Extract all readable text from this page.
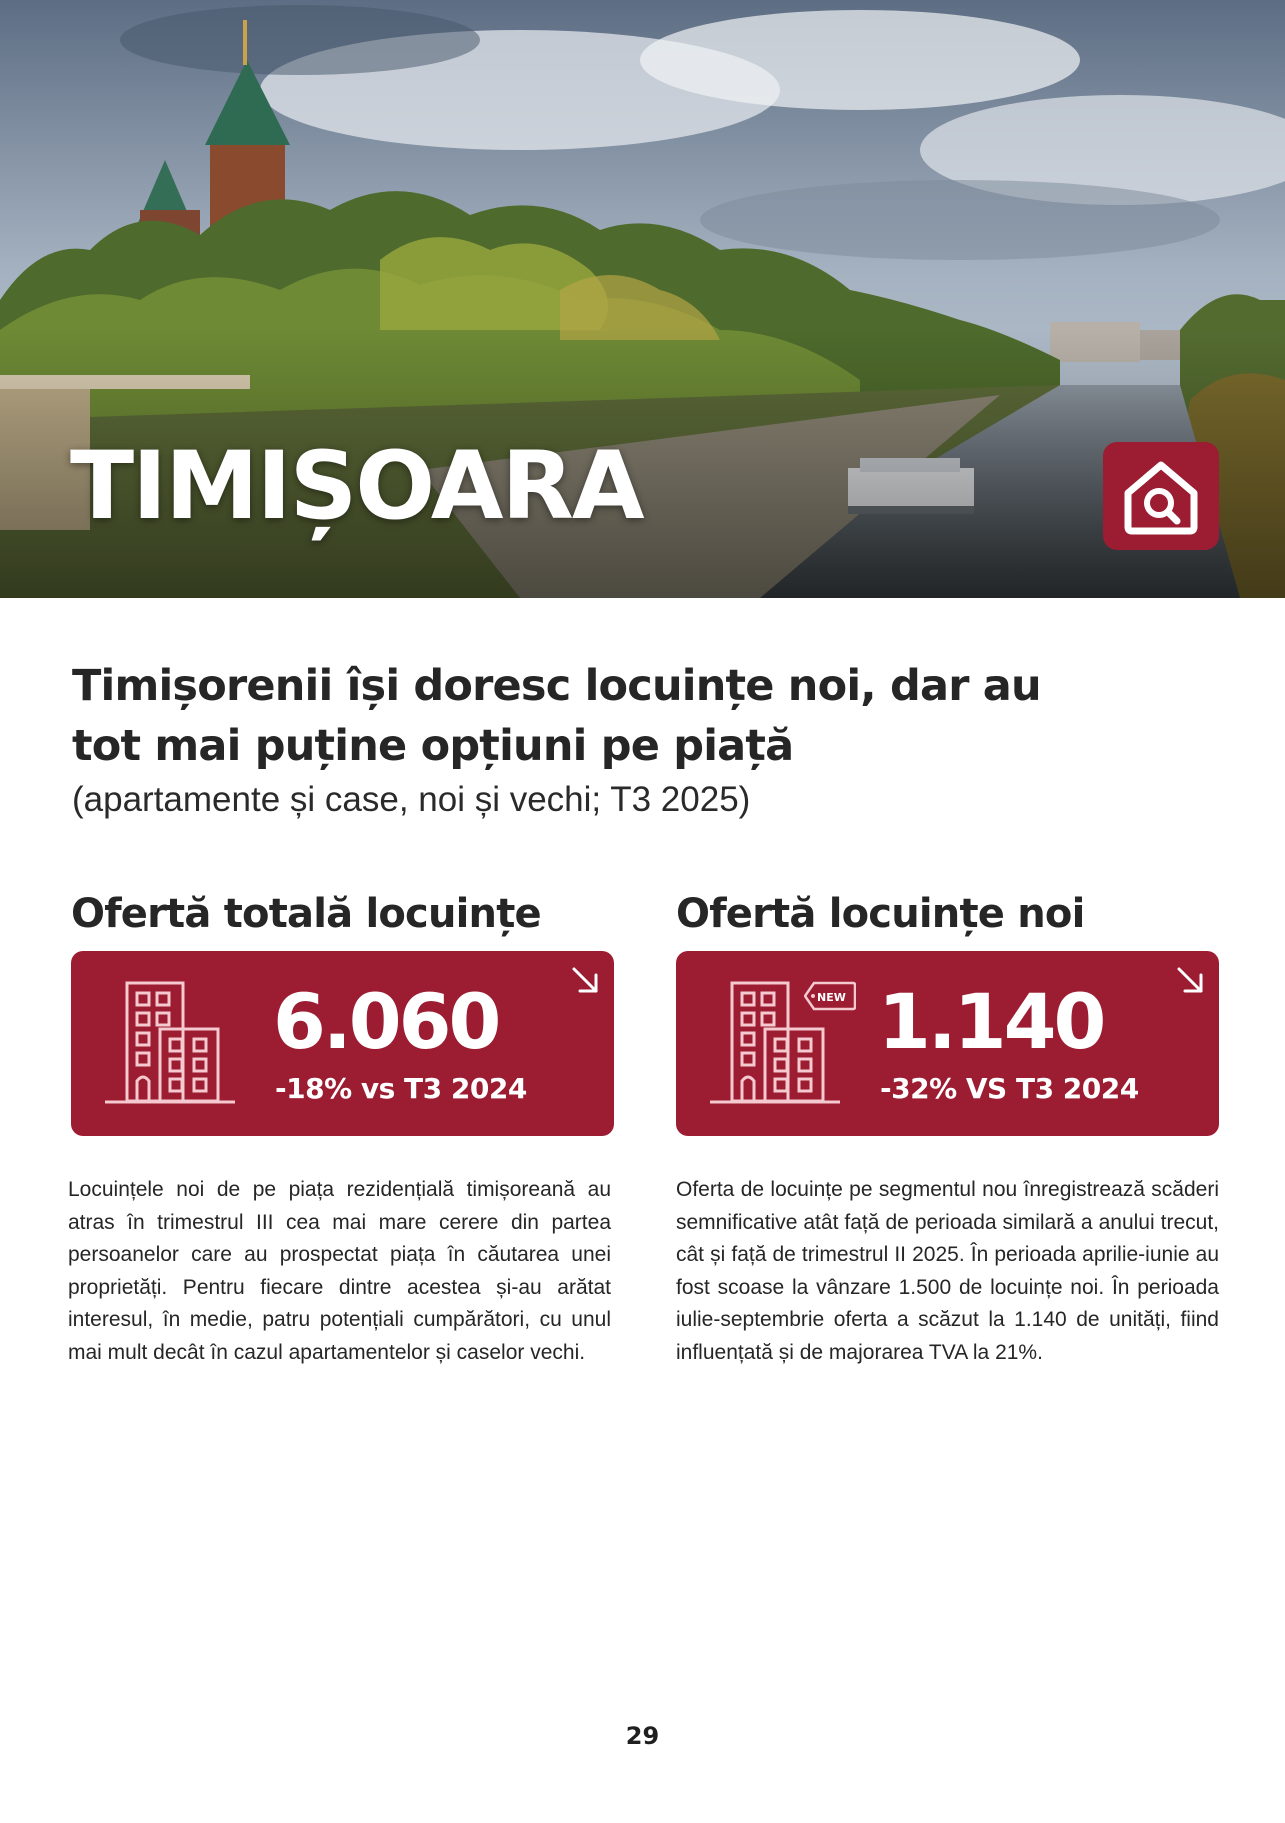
TIMIȘOARA
Timișorenii își doresc locuințe noi, dar au
tot mai puține opțiuni pe piață

(apartamente și case, noi și vechi; T3 2025)

Ofertă totală locuințe
6.060
-18% vs T3 2024

Locuințele noi de pe piața rezidențială timișoreană au atras în trimestrul III cea mai mare cerere din partea persoanelor care au prospectat piața în căutarea unei proprietăți. Pentru fiecare dintre acestea și-au arătat interesul, în medie, patru potențiali cumpărători, cu unul mai mult decât în cazul apartamentelor și caselor vechi.

Ofertă locuințe noi
NEW 1.140
-32% VS T3 2024

Oferta de locuințe pe segmentul nou înregistrează scăderi semnificative atât față de perioada similară a anului trecut, cât și față de trimestrul II 2025. În perioada aprilie-iunie au fost scoase la vânzare 1.500 de locuințe noi. În perioada iulie-septembrie oferta a scăzut la 1.140 de unități, fiind influențată și de majorarea TVA la 21%.

29
